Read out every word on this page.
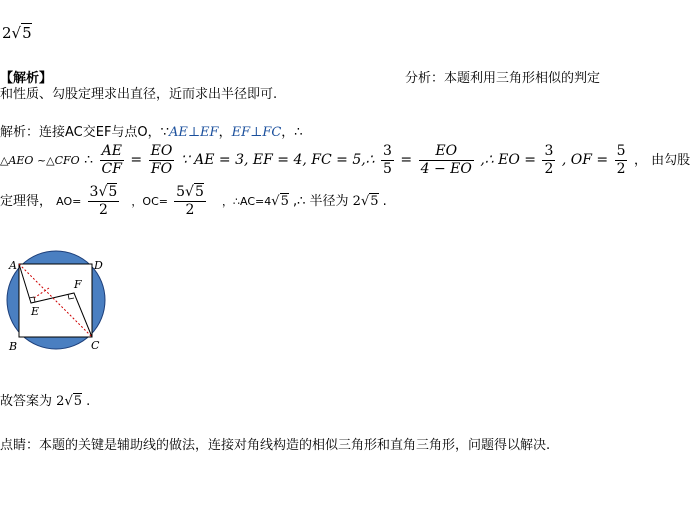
2√5
【解析】	分析：本题利用三角形相似的判定
和性质、勾股定理求出直径，近而求出半径即可.
解析：连接AC交EF与点O，∵AE⊥EF，EF⊥FC，∴
△AEO ~△CFO ∴ $\frac{AE}{CF} = \frac{EO}{FO}$ ∵ AE = 3, EF = 4, FC = 5,∴ $\frac{3}{5} = \frac{EO}{4 - EO}$ ,∴ EO = $\frac{3}{2}$ , OF = $\frac{5}{2}$ ， 由勾股
定理得， $AO= \frac{3√5}{2}$ ，$OC= \frac{5√5}{2}$ ，∴AC=4√5 ,∴ 半径为 2√5 .
A	D
B	C
E
F
故答案为 2√5 .
点睛：本题的关键是辅助线的做法，连接对角线构造的相似三角形和直角三角形，问题得以解决.
